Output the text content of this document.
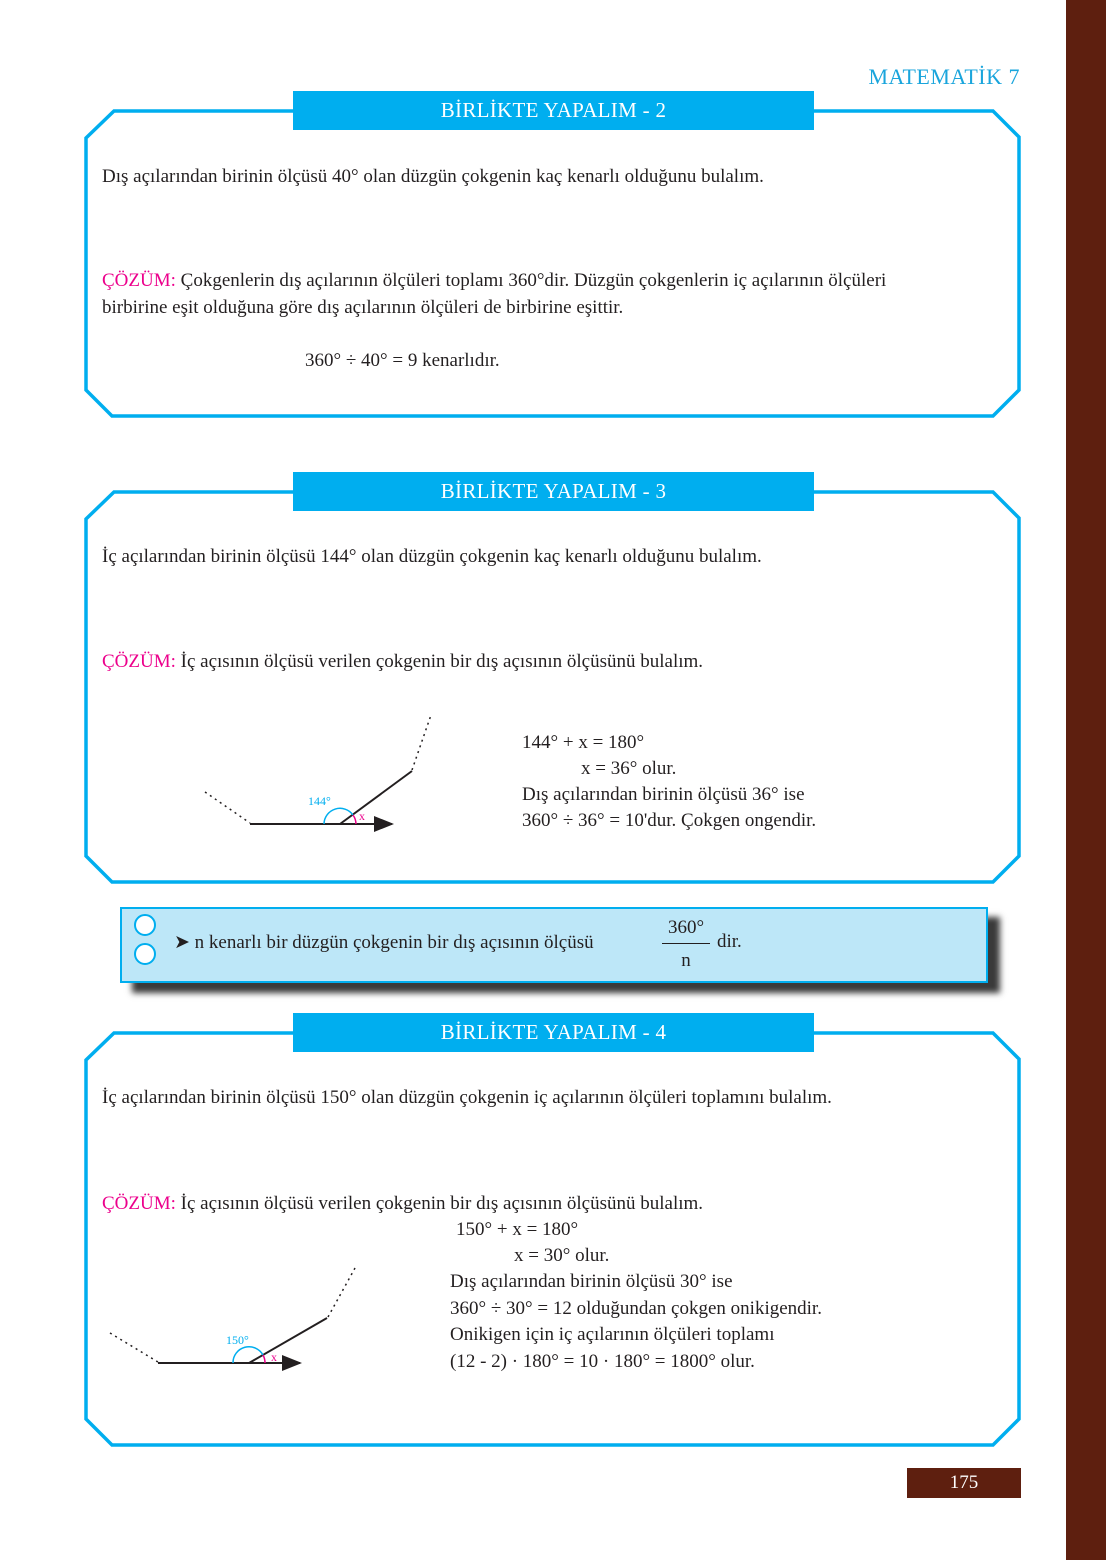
MATEMATİK 7
BİRLİKTE YAPALIM - 2
Dış açılarından birinin ölçüsü 40° olan düzgün çokgenin kaç kenarlı olduğunu bulalım.
ÇÖZÜM: Çokgenlerin dış açılarının ölçüleri toplamı 360°dir. Düzgün çokgenlerin iç açılarının ölçüleri
birbirine eşit olduğuna göre dış açılarının ölçüleri de birbirine eşittir.
360° ÷ 40° = 9 kenarlıdır.
BİRLİKTE YAPALIM - 3
İç açılarından birinin ölçüsü 144° olan düzgün çokgenin kaç kenarlı olduğunu bulalım.
ÇÖZÜM: İç açısının ölçüsü verilen çokgenin bir dış açısının ölçüsünü bulalım.
144°
x
144° + x = 180°
x = 36° olur.
Dış açılarından birinin ölçüsü 36° ise
360° ÷ 36° = 10'dur. Çokgen ongendir.
➤ n kenarlı bir düzgün çokgenin bir dış açısının ölçüsü	$\frac{360^\circ}{n}$ dir.
BİRLİKTE YAPALIM - 4
İç açılarından birinin ölçüsü 150° olan düzgün çokgenin iç açılarının ölçüleri toplamını bulalım.
ÇÖZÜM: İç açısının ölçüsü verilen çokgenin bir dış açısının ölçüsünü bulalım.
150°
x
150° + x = 180°
x = 30° olur.
Dış açılarından birinin ölçüsü 30° ise
360° ÷ 30° = 12 olduğundan çokgen onikigendir.
Onikigen için iç açılarının ölçüleri toplamı
(12 - 2) · 180° = 10 · 180° = 1800° olur.
175
